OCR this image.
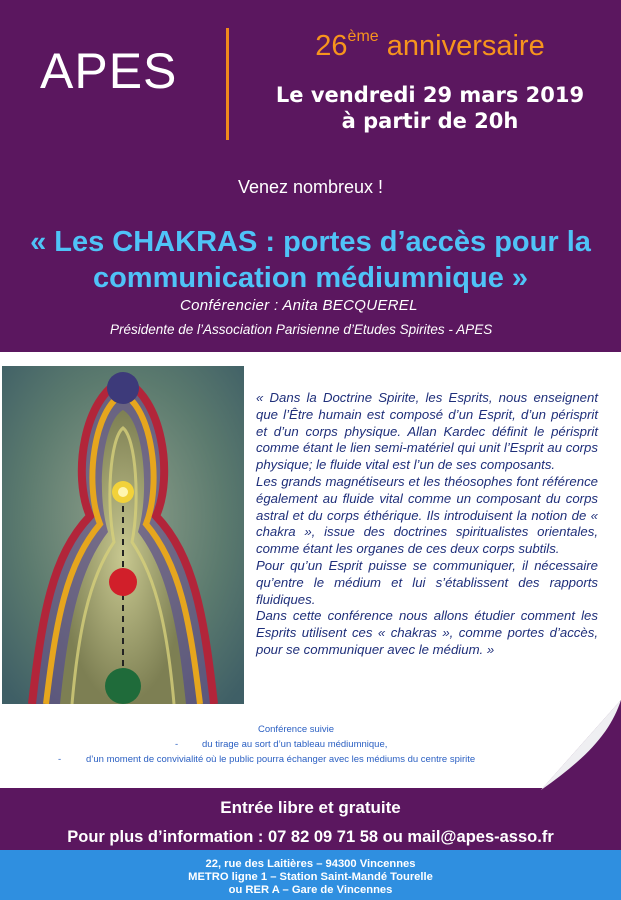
APES	26ème anniversaire
Le vendredi 29 mars 2019
à partir de 20h
Venez nombreux !
« Les CHAKRAS : portes d’accès pour la
communication médiumnique »
Conférencier : Anita BECQUEREL
Présidente de l’Association Parisienne d’Etudes Spirites - APES

« Dans la Doctrine Spirite, les Esprits, nous enseignent que l’Être humain est composé d’un Esprit, d’un périsprit et d’un corps physique. Allan Kardec définit le périsprit comme étant le lien semi-matériel qui unit l’Esprit au corps physique; le fluide vital est l’un de ses composants.

Les grands magnétiseurs et les théosophes font référence également au fluide vital comme un composant du corps astral et du corps éthérique. Ils introduisent la notion de « chakra », issue des doctrines spiritualistes orientales, comme étant les organes de ces deux corps subtils.

Pour qu’un Esprit puisse se communiquer, il nécessaire qu’entre le médium et lui s’établissent des rapports fluidiques.

Dans cette conférence nous allons étudier comment les Esprits utilisent ces « chakras », comme portes d’accès, pour se communiquer avec le médium. »

Conférence suivie
-	du tirage au sort d’un tableau médiumnique,
-	d’un moment de convivialité où le public pourra échanger avec les médiums du centre spirite
Entrée libre et gratuite
Pour plus d’information : 07 82 09 71 58 ou mail@apes-asso.fr
22, rue des Laitières – 94300 Vincennes
METRO ligne 1 – Station Saint-Mandé Tourelle
ou RER A – Gare de Vincennes
